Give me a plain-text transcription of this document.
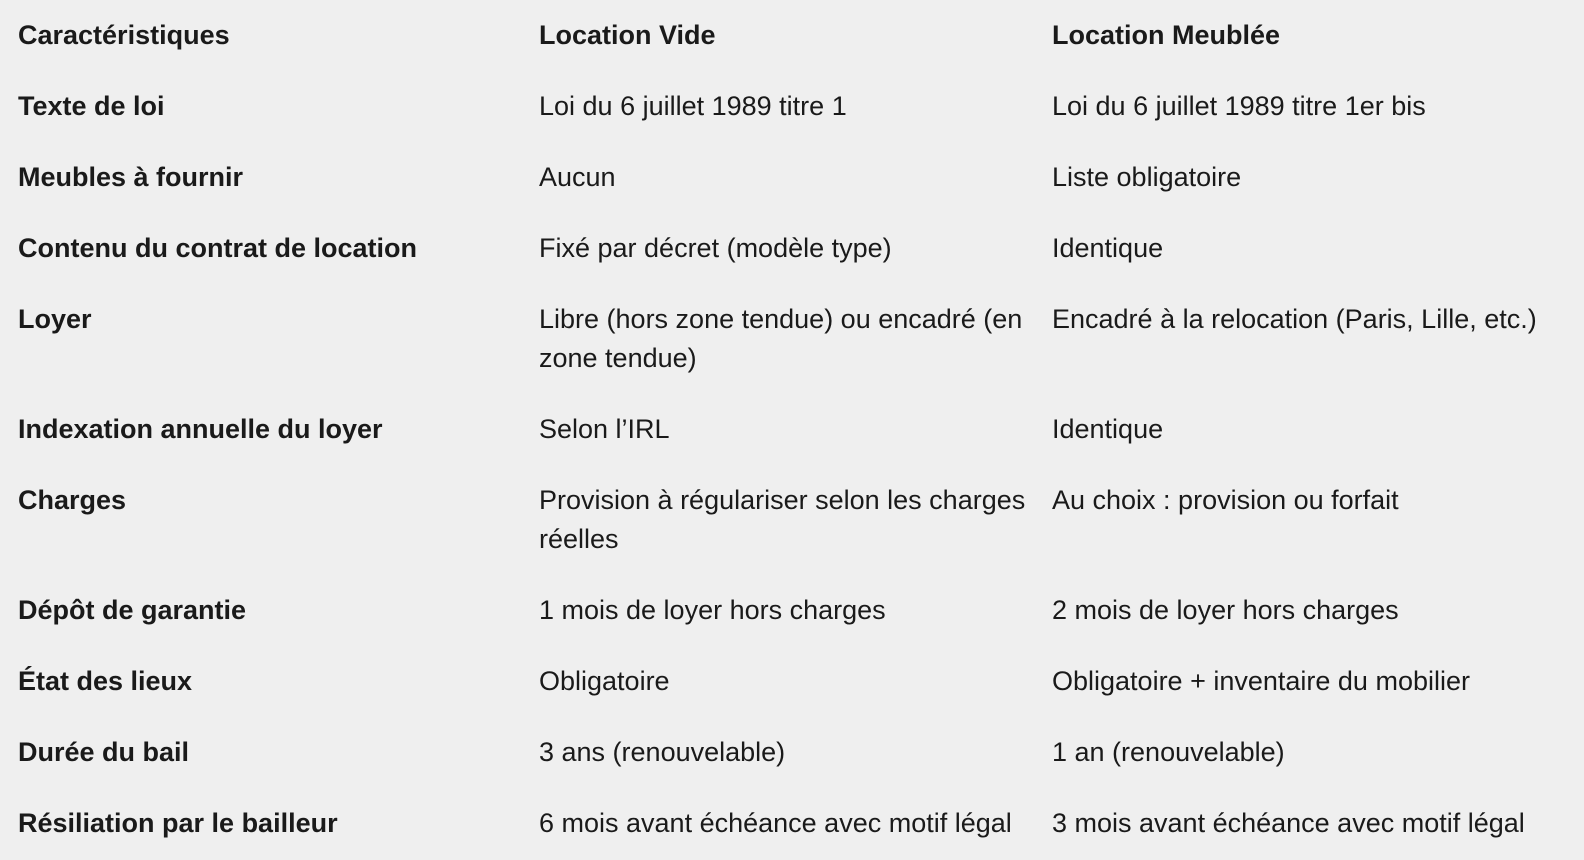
Caractéristiques	Location Vide	Location Meublée
Texte de loi	Loi du 6 juillet 1989 titre 1	Loi du 6 juillet 1989 titre 1er bis
Meubles à fournir	Aucun	Liste obligatoire
Contenu du contrat de location	Fixé par décret (modèle type)	Identique
Loyer	Libre (hors zone tendue) ou encadré (en zone tendue)	Encadré à la relocation (Paris, Lille, etc.)
Indexation annuelle du loyer	Selon l’IRL	Identique
Charges	Provision à régulariser selon les charges réelles	Au choix : provision ou forfait
Dépôt de garantie	1 mois de loyer hors charges	2 mois de loyer hors charges
État des lieux	Obligatoire	Obligatoire + inventaire du mobilier
Durée du bail	3 ans (renouvelable)	1 an (renouvelable)
Résiliation par le bailleur	6 mois avant échéance avec motif légal	3 mois avant échéance avec motif légal
